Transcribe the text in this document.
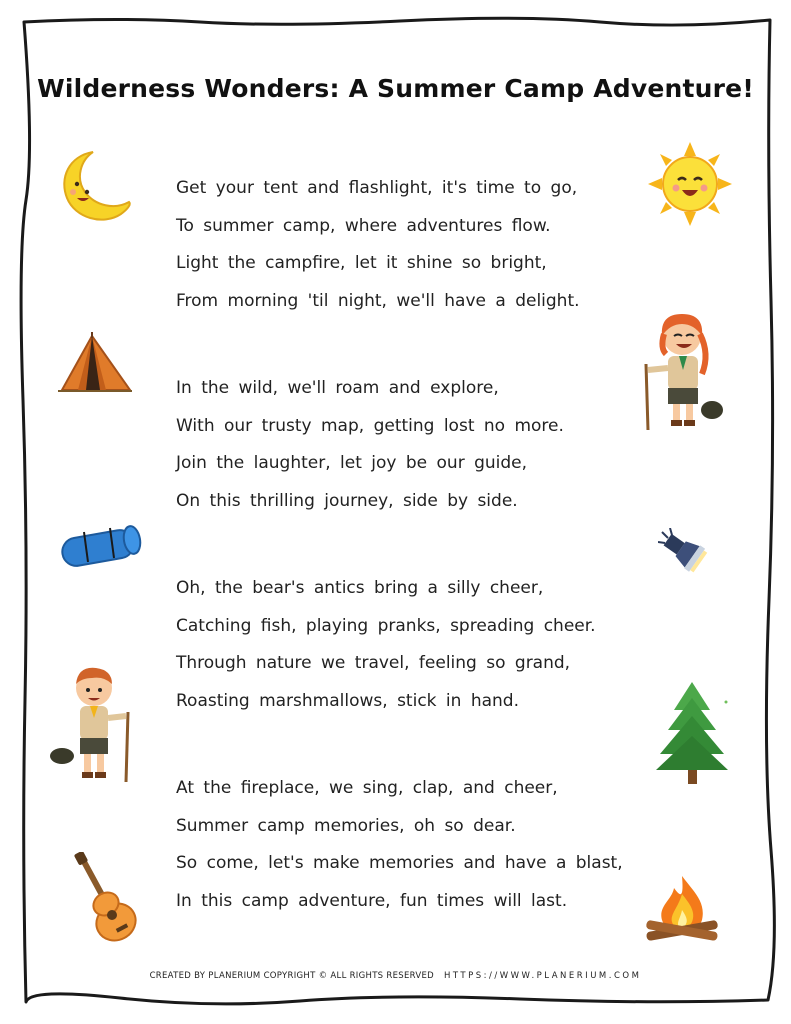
Wilderness Wonders: A Summer Camp Adventure!
Get your tent and flashlight, it's time to go,
To summer camp, where adventures flow.
Light the campfire, let it shine so bright,
From morning 'til night, we'll have a delight.
In the wild, we'll roam and explore,
With our trusty map, getting lost no more.
Join the laughter, let joy be our guide,
On this thrilling journey, side by side.
Oh, the bear's antics bring a silly cheer,
Catching fish, playing pranks, spreading cheer.
Through nature we travel, feeling so grand,
Roasting marshmallows, stick in hand.
At the fireplace, we sing, clap, and cheer,
Summer camp memories, oh so dear.
So come, let's make memories and have a blast,
In this camp adventure, fun times will last.
CREATED BY PLANERIUM COPYRIGHT © ALL RIGHTS RESERVED HTTPS://WWW.PLANERIUM.COM
